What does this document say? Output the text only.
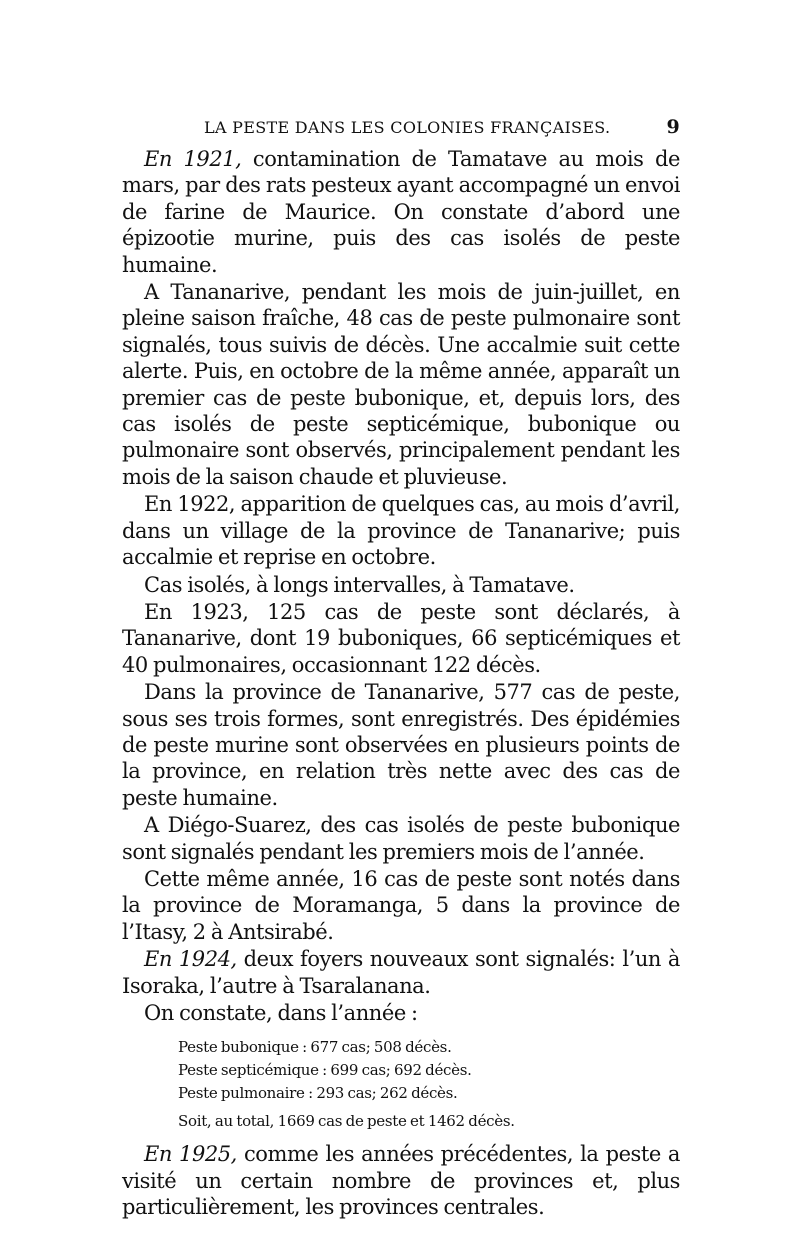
LA PESTE DANS LES COLONIES FRANÇAISES.	9

En 1921, contamination de Tamatave au mois de mars, par des rats pesteux ayant accompagné un envoi de farine de Maurice. On constate d’abord une épizootie murine, puis des cas isolés de peste humaine.

A Tananarive, pendant les mois de juin-juillet, en pleine saison fraîche, 48 cas de peste pulmonaire sont signalés, tous suivis de décès. Une accalmie suit cette alerte. Puis, en octobre de la même année, apparaît un premier cas de peste bubonique, et, depuis lors, des cas isolés de peste septicémique, bubonique ou pulmonaire sont observés, principalement pendant les mois de la saison chaude et pluvieuse.

En 1922, apparition de quelques cas, au mois d’avril, dans un village de la province de Tananarive; puis accalmie et reprise en octobre.

Cas isolés, à longs intervalles, à Tamatave.

En 1923, 125 cas de peste sont déclarés, à Tananarive, dont 19 buboniques, 66 septicémiques et 40 pulmonaires, occasionnant 122 décès.

Dans la province de Tananarive, 577 cas de peste, sous ses trois formes, sont enregistrés. Des épidémies de peste murine sont observées en plusieurs points de la province, en relation très nette avec des cas de peste humaine.

A Diégo-Suarez, des cas isolés de peste bubonique sont signalés pendant les premiers mois de l’année.

Cette même année, 16 cas de peste sont notés dans la province de Moramanga, 5 dans la province de l’Itasy, 2 à Antsirabé.

En 1924, deux foyers nouveaux sont signalés: l’un à Isoraka, l’autre à Tsaralanana.

On constate, dans l’année :

Peste bubonique : 677 cas; 508 décès.
Peste septicémique : 699 cas; 692 décès.
Peste pulmonaire : 293 cas; 262 décès.
Soit, au total, 1669 cas de peste et 1462 décès.

En 1925, comme les années précédentes, la peste a visité un certain nombre de provinces et, plus particulièrement, les provinces centrales.
